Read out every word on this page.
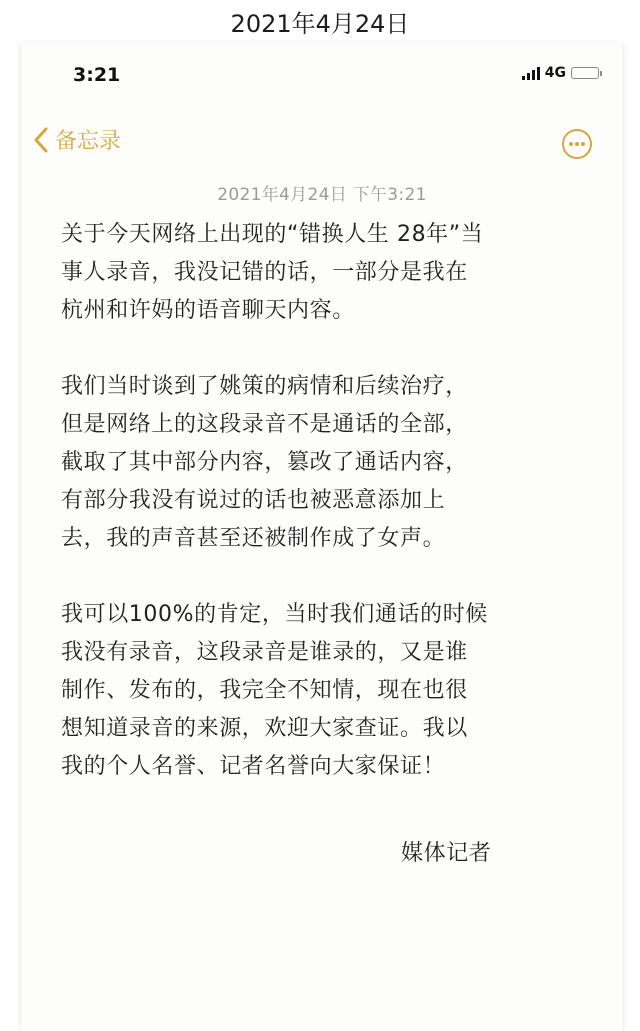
2021年4月24日
3:21	4G
备忘录
2021年4月24日 下午3:21

关于今天网络上出现的“错换人生 28年”当
事人录音，我没记错的话，一部分是我在
杭州和许妈的语音聊天内容。

我们当时谈到了姚策的病情和后续治疗，
但是网络上的这段录音不是通话的全部，
截取了其中部分内容，篡改了通话内容，
有部分我没有说过的话也被恶意添加上
去，我的声音甚至还被制作成了女声。

我可以100%的肯定，当时我们通话的时候
我没有录音，这段录音是谁录的，又是谁
制作、发布的，我完全不知情，现在也很
想知道录音的来源，欢迎大家查证。我以
我的个人名誉、记者名誉向大家保证！

媒体记者
